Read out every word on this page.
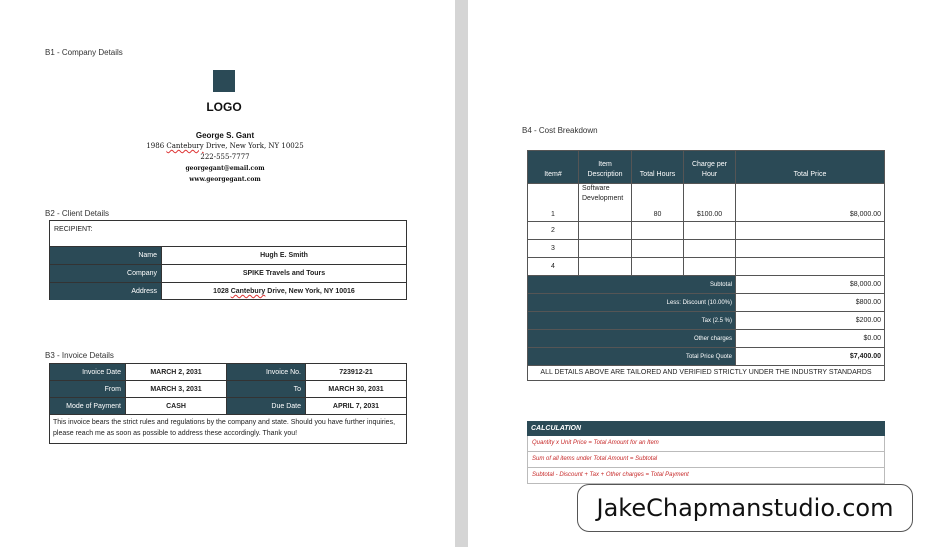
B1 - Company Details
LOGO
George S. Gant
1986 Cantebury Drive, New York, NY 10025
222-555-7777
georgegant@email.com
www.georgegant.com
B2 - Client Details
RECIPIENT:
Name	Hugh E. Smith
Company	SPIKE Travels and Tours
Address	1028 Cantebury Drive, New York, NY 10016
B3 - Invoice Details
Invoice Date	MARCH 2, 2031	Invoice No.	723912-21
From	MARCH 3, 2031	To	MARCH 30, 2031
Mode of Payment	CASH	Due Date	APRIL 7, 2031
This invoice bears the strict rules and regulations by the company and state. Should you have further inquiries, please reach me as soon as possible to address these accordingly. Thank you!			
B4 - Cost Breakdown
Item#	Item Description	Total Hours	Charge per Hour	Total Price
1	Software Development	80	$100.00	$8,000.00
2				
3				
4				
Subtotal				$8,000.00
Less: Discount (10.00%)				$800.00
Tax (2.5 %)				$200.00
Other charges				$0.00
Total Price Quote				$7,400.00
ALL DETAILS ABOVE ARE TAILORED AND VERIFIED STRICTLY UNDER THE INDUSTRY STANDARDS				
CALCULATION
Quantity x Unit Price = Total Amount for an Item
Sum of all items under Total Amount = Subtotal
Subtotal - Discount + Tax + Other charges = Total Payment
JakeChapmanstudio.com
